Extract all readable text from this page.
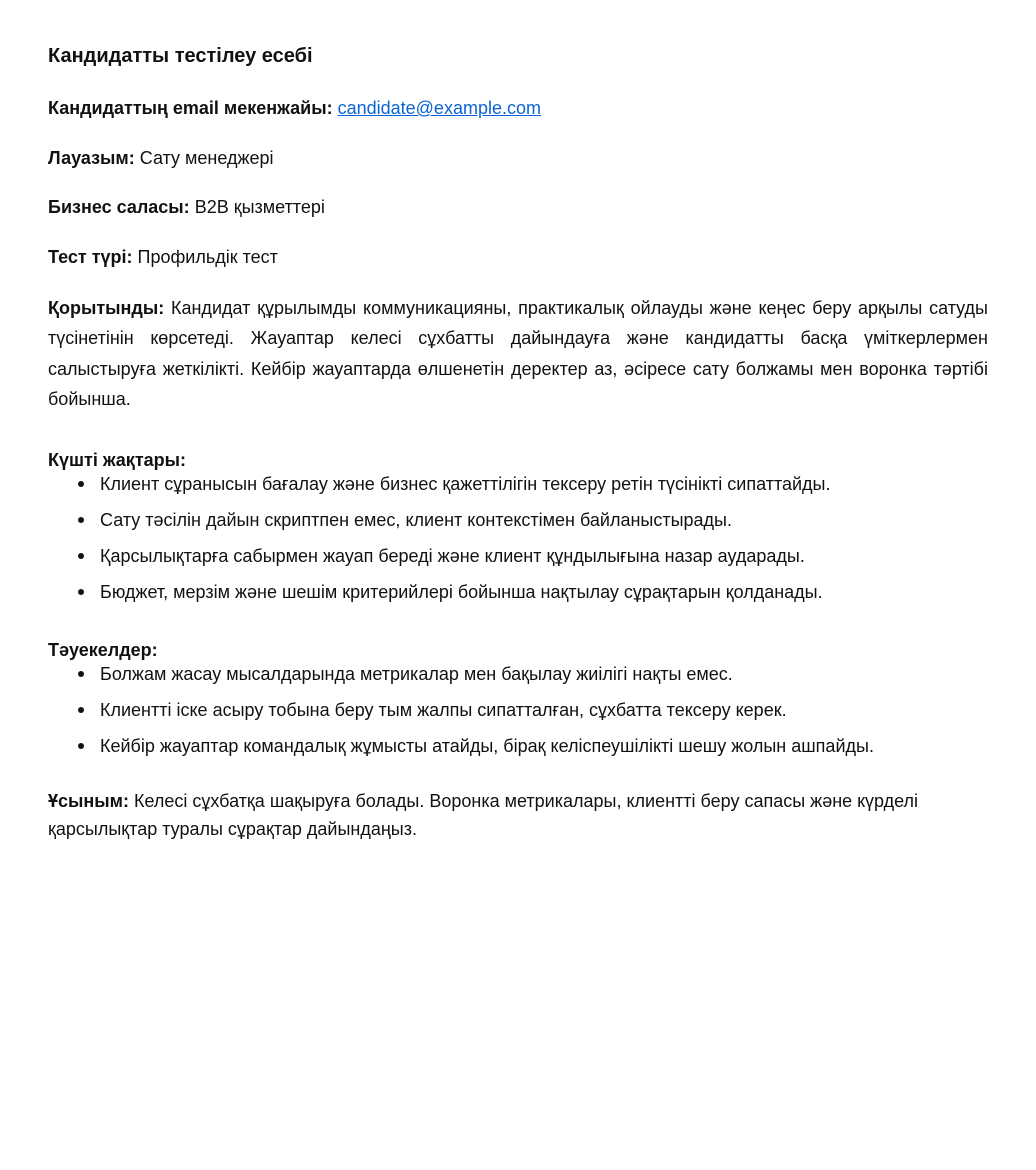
Кандидатты тестілеу есебі

Кандидаттың email мекенжайы: candidate@example.com

Лауазым: Сату менеджері

Бизнес саласы: B2B қызметтері

Тест түрі: Профильдік тест

Қорытынды: Кандидат құрылымды коммуникацияны, практикалық ойлауды және кеңес беру арқылы сатуды түсінетінін көрсетеді. Жауаптар келесі сұхбатты дайындауға және кандидатты басқа үміткерлермен салыстыруға жеткілікті. Кейбір жауаптарда өлшенетін деректер аз, әсіресе сату болжамы мен воронка тәртібі бойынша.

Күшті жақтары:

Клиент сұранысын бағалау және бизнес қажеттілігін тексеру ретін түсінікті сипаттайды.
Сату тәсілін дайын скриптпен емес, клиент контекстімен байланыстырады.
Қарсылықтарға сабырмен жауап береді және клиент құндылығына назар аударады.
Бюджет, мерзім және шешім критерийлері бойынша нақтылау сұрақтарын қолданады.

Тәуекелдер:

Болжам жасау мысалдарында метрикалар мен бақылау жиілігі нақты емес.
Клиентті іске асыру тобына беру тым жалпы сипатталған, сұхбатта тексеру керек.
Кейбір жауаптар командалық жұмысты атайды, бірақ келіспеушілікті шешу жолын ашпайды.

Ұсыным: Келесі сұхбатқа шақыруға болады. Воронка метрикалары, клиентті беру сапасы және күрделі қарсылықтар туралы сұрақтар дайындаңыз.
